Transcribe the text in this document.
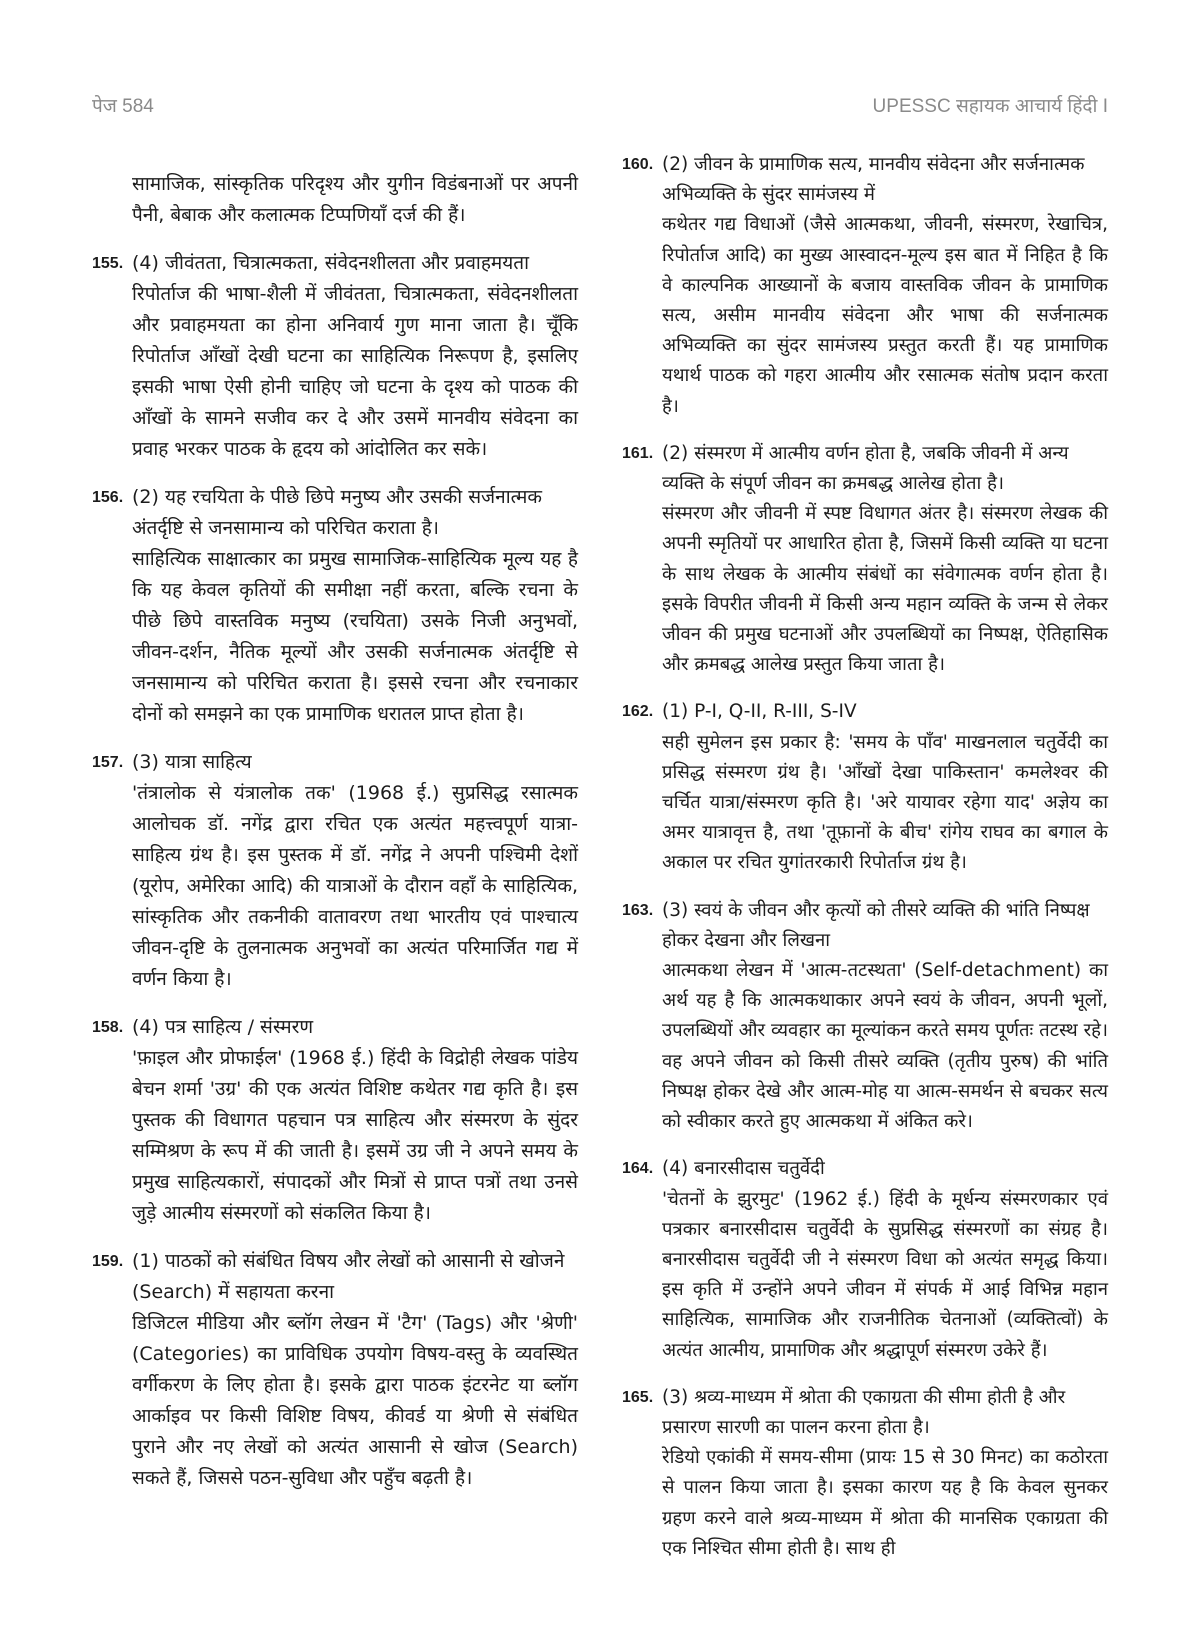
पेज 584	UPESSC सहायक आचार्य हिंदी I

सामाजिक, सांस्कृतिक परिदृश्य और युगीन विडंबनाओं पर अपनी पैनी, बेबाक और कलात्मक टिप्पणियाँ दर्ज की हैं।

155. (4) जीवंतता, चित्रात्मकता, संवेदनशीलता और प्रवाहमयता

रिपोर्ताज की भाषा-शैली में जीवंतता, चित्रात्मकता, संवेदनशीलता और प्रवाहमयता का होना अनिवार्य गुण माना जाता है। चूँकि रिपोर्ताज आँखों देखी घटना का साहित्यिक निरूपण है, इसलिए इसकी भाषा ऐसी होनी चाहिए जो घटना के दृश्य को पाठक की आँखों के सामने सजीव कर दे और उसमें मानवीय संवेदना का प्रवाह भरकर पाठक के हृदय को आंदोलित कर सके।

156. (2) यह रचयिता के पीछे छिपे मनुष्य और उसकी सर्जनात्मक अंतर्दृष्टि से जनसामान्य को परिचित कराता है।

साहित्यिक साक्षात्कार का प्रमुख सामाजिक-साहित्यिक मूल्य यह है कि यह केवल कृतियों की समीक्षा नहीं करता, बल्कि रचना के पीछे छिपे वास्तविक मनुष्य (रचयिता) उसके निजी अनुभवों, जीवन-दर्शन, नैतिक मूल्यों और उसकी सर्जनात्मक अंतर्दृष्टि से जनसामान्य को परिचित कराता है। इससे रचना और रचनाकार दोनों को समझने का एक प्रामाणिक धरातल प्राप्त होता है।

157. (3) यात्रा साहित्य

'तंत्रालोक से यंत्रालोक तक' (1968 ई.) सुप्रसिद्ध रसात्मक आलोचक डॉ. नगेंद्र द्वारा रचित एक अत्यंत महत्त्वपूर्ण यात्रा-साहित्य ग्रंथ है। इस पुस्तक में डॉ. नगेंद्र ने अपनी पश्चिमी देशों (यूरोप, अमेरिका आदि) की यात्राओं के दौरान वहाँ के साहित्यिक, सांस्कृतिक और तकनीकी वातावरण तथा भारतीय एवं पाश्चात्य जीवन-दृष्टि के तुलनात्मक अनुभवों का अत्यंत परिमार्जित गद्य में वर्णन किया है।

158. (4) पत्र साहित्य / संस्मरण

'फ़ाइल और प्रोफाईल' (1968 ई.) हिंदी के विद्रोही लेखक पांडेय बेचन शर्मा 'उग्र' की एक अत्यंत विशिष्ट कथेतर गद्य कृति है। इस पुस्तक की विधागत पहचान पत्र साहित्य और संस्मरण के सुंदर सम्मिश्रण के रूप में की जाती है। इसमें उग्र जी ने अपने समय के प्रमुख साहित्यकारों, संपादकों और मित्रों से प्राप्त पत्रों तथा उनसे जुड़े आत्मीय संस्मरणों को संकलित किया है।

159. (1) पाठकों को संबंधित विषय और लेखों को आसानी से खोजने (Search) में सहायता करना

डिजिटल मीडिया और ब्लॉग लेखन में 'टैग' (Tags) और 'श्रेणी' (Categories) का प्राविधिक उपयोग विषय-वस्तु के व्यवस्थित वर्गीकरण के लिए होता है। इसके द्वारा पाठक इंटरनेट या ब्लॉग आर्काइव पर किसी विशिष्ट विषय, कीवर्ड या श्रेणी से संबंधित पुराने और नए लेखों को अत्यंत आसानी से खोज (Search) सकते हैं, जिससे पठन-सुविधा और पहुँच बढ़ती है।

160. (2) जीवन के प्रामाणिक सत्य, मानवीय संवेदना और सर्जनात्मक अभिव्यक्ति के सुंदर सामंजस्य में

कथेतर गद्य विधाओं (जैसे आत्मकथा, जीवनी, संस्मरण, रेखाचित्र, रिपोर्ताज आदि) का मुख्य आस्वादन-मूल्य इस बात में निहित है कि वे काल्पनिक आख्यानों के बजाय वास्तविक जीवन के प्रामाणिक सत्य, असीम मानवीय संवेदना और भाषा की सर्जनात्मक अभिव्यक्ति का सुंदर सामंजस्य प्रस्तुत करती हैं। यह प्रामाणिक यथार्थ पाठक को गहरा आत्मीय और रसात्मक संतोष प्रदान करता है।

161. (2) संस्मरण में आत्मीय वर्णन होता है, जबकि जीवनी में अन्य व्यक्ति के संपूर्ण जीवन का क्रमबद्ध आलेख होता है।

संस्मरण और जीवनी में स्पष्ट विधागत अंतर है। संस्मरण लेखक की अपनी स्मृतियों पर आधारित होता है, जिसमें किसी व्यक्ति या घटना के साथ लेखक के आत्मीय संबंधों का संवेगात्मक वर्णन होता है। इसके विपरीत जीवनी में किसी अन्य महान व्यक्ति के जन्म से लेकर जीवन की प्रमुख घटनाओं और उपलब्धियों का निष्पक्ष, ऐतिहासिक और क्रमबद्ध आलेख प्रस्तुत किया जाता है।

162. (1) P-I, Q-II, R-III, S-IV

सही सुमेलन इस प्रकार है: 'समय के पाँव' माखनलाल चतुर्वेदी का प्रसिद्ध संस्मरण ग्रंथ है। 'आँखों देखा पाकिस्तान' कमलेश्वर की चर्चित यात्रा/संस्मरण कृति है। 'अरे यायावर रहेगा याद' अज्ञेय का अमर यात्रावृत्त है, तथा 'तूफ़ानों के बीच' रांगेय राघव का बगाल के अकाल पर रचित युगांतरकारी रिपोर्ताज ग्रंथ है।

163. (3) स्वयं के जीवन और कृत्यों को तीसरे व्यक्ति की भांति निष्पक्ष होकर देखना और लिखना

आत्मकथा लेखन में 'आत्म-तटस्थता' (Self-detachment) का अर्थ यह है कि आत्मकथाकार अपने स्वयं के जीवन, अपनी भूलों, उपलब्धियों और व्यवहार का मूल्यांकन करते समय पूर्णतः तटस्थ रहे। वह अपने जीवन को किसी तीसरे व्यक्ति (तृतीय पुरुष) की भांति निष्पक्ष होकर देखे और आत्म-मोह या आत्म-समर्थन से बचकर सत्य को स्वीकार करते हुए आत्मकथा में अंकित करे।

164. (4) बनारसीदास चतुर्वेदी

'चेतनों के झुरमुट' (1962 ई.) हिंदी के मूर्धन्य संस्मरणकार एवं पत्रकार बनारसीदास चतुर्वेदी के सुप्रसिद्ध संस्मरणों का संग्रह है। बनारसीदास चतुर्वेदी जी ने संस्मरण विधा को अत्यंत समृद्ध किया। इस कृति में उन्होंने अपने जीवन में संपर्क में आई विभिन्न महान साहित्यिक, सामाजिक और राजनीतिक चेतनाओं (व्यक्तित्वों) के अत्यंत आत्मीय, प्रामाणिक और श्रद्धापूर्ण संस्मरण उकेरे हैं।

165. (3) श्रव्य-माध्यम में श्रोता की एकाग्रता की सीमा होती है और प्रसारण सारणी का पालन करना होता है।

रेडियो एकांकी में समय-सीमा (प्रायः 15 से 30 मिनट) का कठोरता से पालन किया जाता है। इसका कारण यह है कि केवल सुनकर ग्रहण करने वाले श्रव्य-माध्यम में श्रोता की मानसिक एकाग्रता की एक निश्चित सीमा होती है। साथ ही
